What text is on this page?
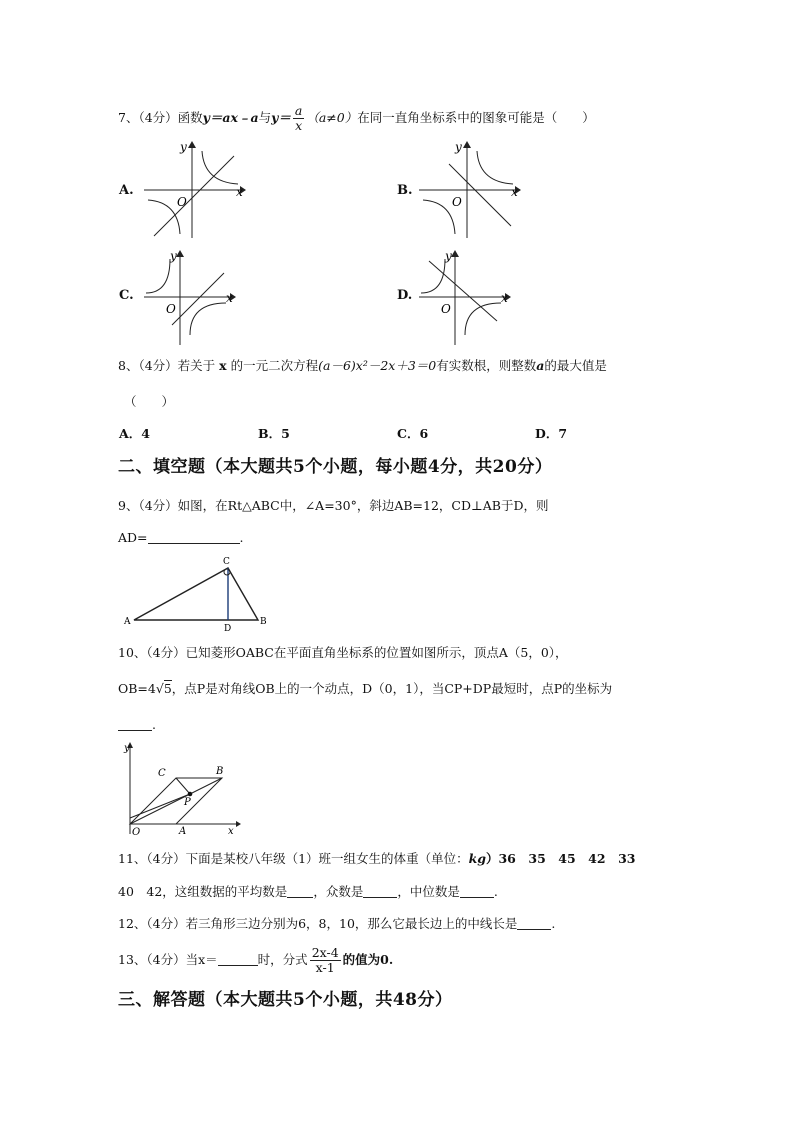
7、（4分）函数y＝ax﹣a与$y= \frac{a}{x} (a\ne 0)$在同一直角坐标系中的图象可能是（　　）
A.
y
x
O
B.
y
x
O
C.
y
x
O
D.
y
x
O
8、（4分）若关于 x 的一元二次方程(a－6)x²－2x＋3＝0有实数根，则整数a的最大值是
（　　）
A．4	B．5	C．6	D．7
二、填空题（本大题共5个小题，每小题4分，共20分）
9、（4分）如图，在Rt△ABC中，∠A=30°，斜边AB=12，CD⊥AB于D，则
AD=	.
A	B
C
D
10、（4分）已知菱形OABC在平面直角坐标系的位置如图所示，顶点A（5，0），
OB=4√5，点P是对角线OB上的一个动点，D（0，1），当CP+DP最短时，点P的坐标为
.
y
x
O	A
B
C
P
11、（4分）下面是某校八年级（1）班一组女生的体重（单位：kg）36　35　45　42　33
40　42，这组数据的平均数是 ，众数是	，中位数是	.
12、（4分）若三角形三边分别为6，8，10，那么它最长边上的中线长是	.
13、（4分）当x＝	时，分式 $\frac{2x-4}{x-1}$ 的值为0.
三、解答题（本大题共5个小题，共48分）
